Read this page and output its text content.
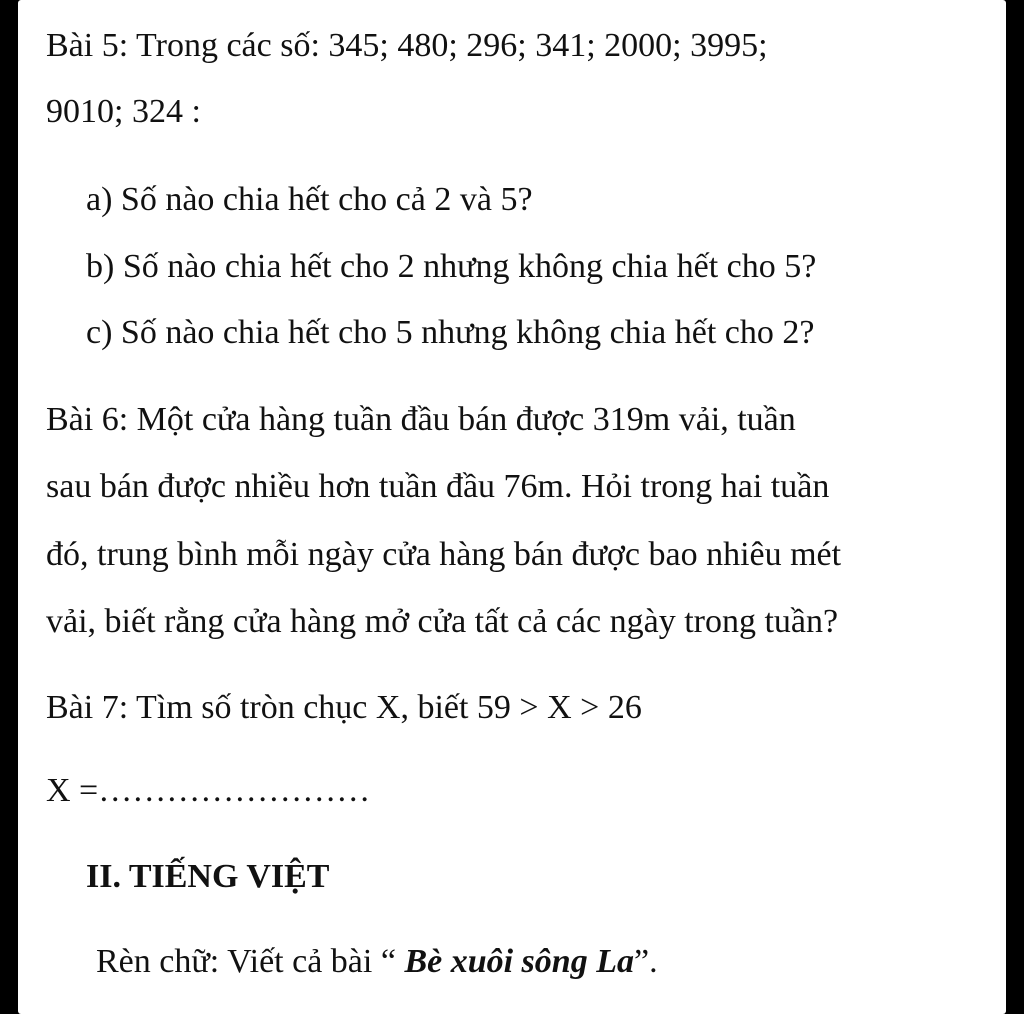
Bài 5: Trong các số: 345; 480; 296; 341; 2000; 3995;
9010; 324 :
a) Số nào chia hết cho cả 2 và 5?
b) Số nào chia hết cho 2 nhưng không chia hết cho 5?
c) Số nào chia hết cho 5 nhưng không chia hết cho 2?
Bài 6: Một cửa hàng tuần đầu bán được 319m vải, tuần
sau bán được nhiều hơn tuần đầu 76m. Hỏi trong hai tuần
đó, trung bình mỗi ngày cửa hàng bán được bao nhiêu mét
vải, biết rằng cửa hàng mở cửa tất cả các ngày trong tuần?
Bài 7: Tìm số tròn chục X, biết 59 > X > 26
X =……………………
II. TIẾNG VIỆT
Rèn chữ: Viết cả bài “ Bè xuôi sông La”.
